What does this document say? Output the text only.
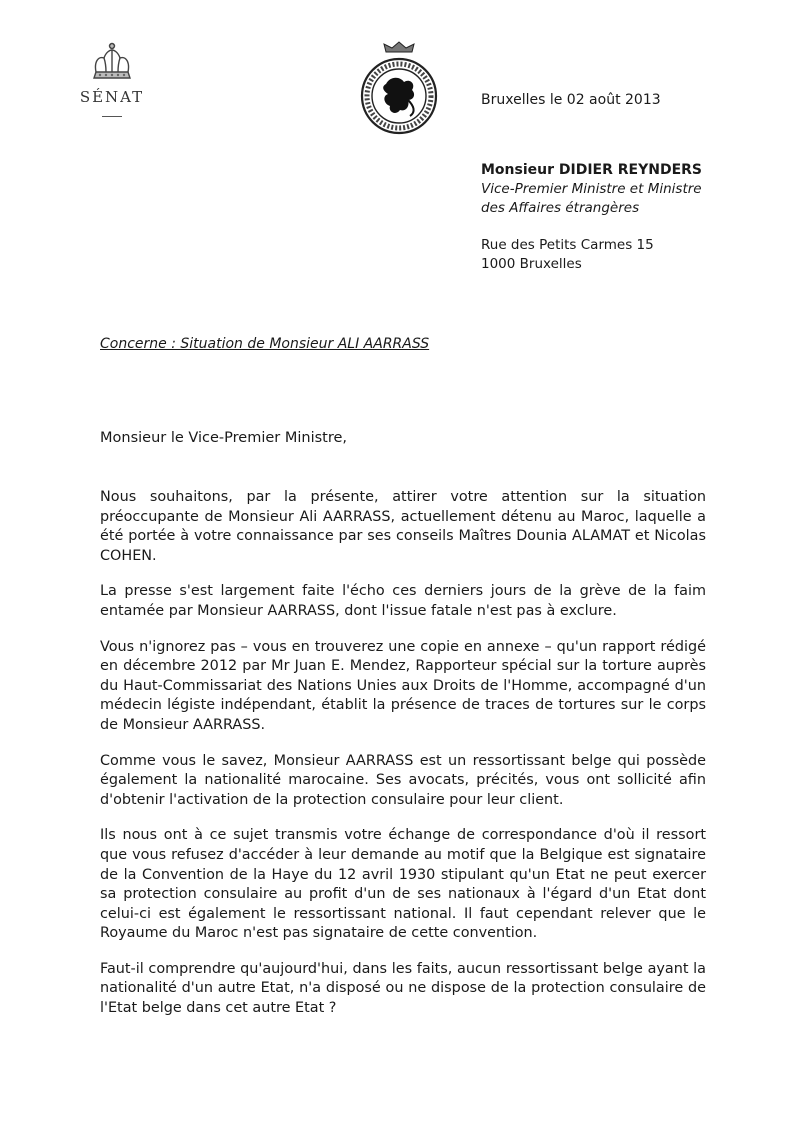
SÉNAT	Bruxelles le 02 août 2013
Monsieur DIDIER REYNDERS
Vice-Premier Ministre et Ministre
des Affaires étrangères
Rue des Petits Carmes 15
1000 Bruxelles
Concerne : Situation de Monsieur ALI AARRASS
Monsieur le Vice-Premier Ministre,

Nous souhaitons, par la présente, attirer votre attention sur la situation préoccupante de Monsieur Ali AARRASS, actuellement détenu au Maroc, laquelle a été portée à votre connaissance par ses conseils Maîtres Dounia ALAMAT et Nicolas COHEN.

La presse s'est largement faite l'écho ces derniers jours de la grève de la faim entamée par Monsieur AARRASS, dont l'issue fatale n'est pas à exclure.

Vous n'ignorez pas – vous en trouverez une copie en annexe – qu'un rapport rédigé en décembre 2012 par Mr Juan E. Mendez, Rapporteur spécial sur la torture auprès du Haut-Commissariat des Nations Unies aux Droits de l'Homme, accompagné d'un médecin légiste indépendant, établit la présence de traces de tortures sur le corps de Monsieur AARRASS.

Comme vous le savez, Monsieur AARRASS est un ressortissant belge qui possède également la nationalité marocaine. Ses avocats, précités, vous ont sollicité afin d'obtenir l'activation de la protection consulaire pour leur client.

Ils nous ont à ce sujet transmis votre échange de correspondance d'où il ressort que vous refusez d'accéder à leur demande au motif que la Belgique est signataire de la Convention de la Haye du 12 avril 1930 stipulant qu'un Etat ne peut exercer sa protection consulaire au profit d'un de ses nationaux à l'égard d'un Etat dont celui-ci est également le ressortissant national. Il faut cependant relever que le Royaume du Maroc n'est pas signataire de cette convention.

Faut-il comprendre qu'aujourd'hui, dans les faits, aucun ressortissant belge ayant la nationalité d'un autre Etat, n'a disposé ou ne dispose de la protection consulaire de l'Etat belge dans cet autre Etat ?
